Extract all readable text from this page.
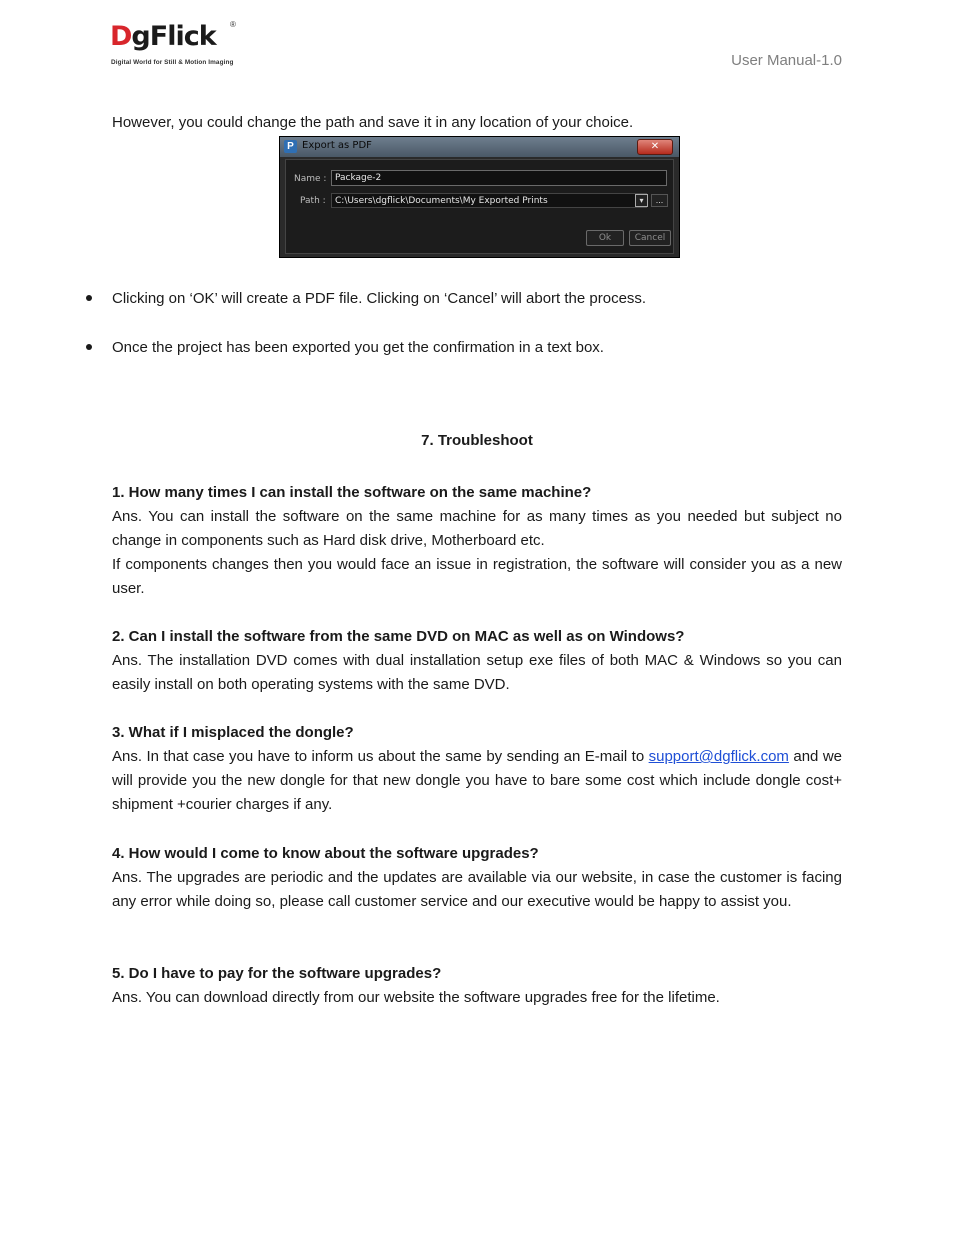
DgFlick ®
Digital World for Still & Motion Imaging	User Manual-1.0
However, you could change the path and save it in any location of your choice.
P Export as PDF	✕
Name : Package-2
Path :	C:\Users\dgflick\Documents\My Exported Prints	▾	...
Ok	Cancel
Clicking on ‘OK’ will create a PDF file. Clicking on ‘Cancel’ will abort the process.
Once the project has been exported you get the confirmation in a text box.
7. Troubleshoot
1. How many times I can install the software on the same machine?
Ans. You can install the software on the same machine for as many times as you needed but subject no change in components such as Hard disk drive, Motherboard etc.
If components changes then you would face an issue in registration, the software will consider you as a new user.
2. Can I install the software from the same DVD on MAC as well as on Windows?
Ans. The installation DVD comes with dual installation setup exe files of both MAC & Windows so you can easily install on both operating systems with the same DVD.
3. What if I misplaced the dongle?
Ans. In that case you have to inform us about the same by sending an E-mail to support@dgflick.com and we will provide you the new dongle for that new dongle you have to bare some cost which include dongle cost+ shipment +courier charges if any.
4. How would I come to know about the software upgrades?
Ans. The upgrades are periodic and the updates are available via our website, in case the customer is facing any error while doing so, please call customer service and our executive would be happy to assist you.
5. Do I have to pay for the software upgrades?
Ans. You can download directly from our website the software upgrades free for the lifetime.
